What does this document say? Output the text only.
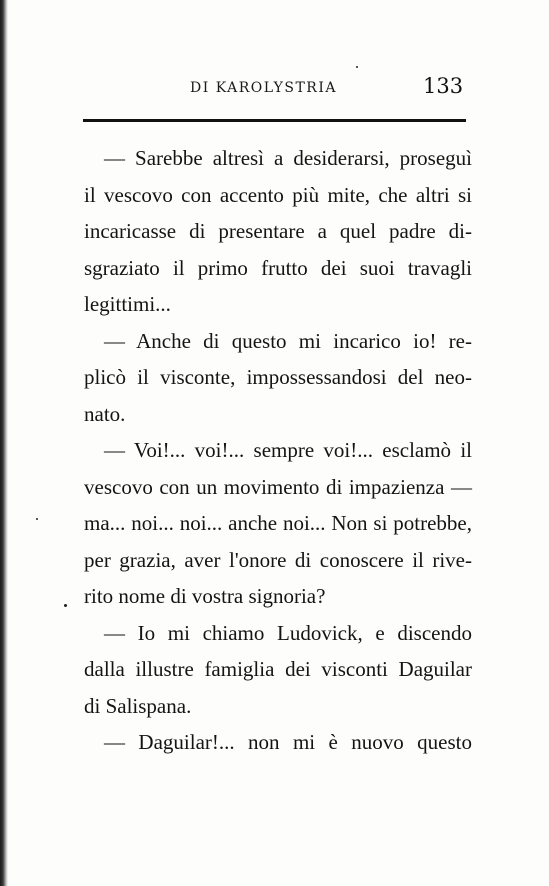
DI KAROLYSTRIA	133
— Sarebbe altresì a desiderarsi, proseguì
il vescovo con accento più mite, che altri si
incaricasse di presentare a quel padre di-
sgraziato il primo frutto dei suoi travagli
legittimi...
— Anche di questo mi incarico io! re-
plicò il visconte, impossessandosi del neo-
nato.
— Voi!... voi!... sempre voi!... esclamò il
vescovo con un movimento di impazienza —
ma... noi... noi... anche noi... Non si potrebbe,
per grazia, aver l'onore di conoscere il rive-
rito nome di vostra signoria?
— Io mi chiamo Ludovick, e discendo
dalla illustre famiglia dei visconti Daguilar
di Salispana.
— Daguilar!... non mi è nuovo questo
